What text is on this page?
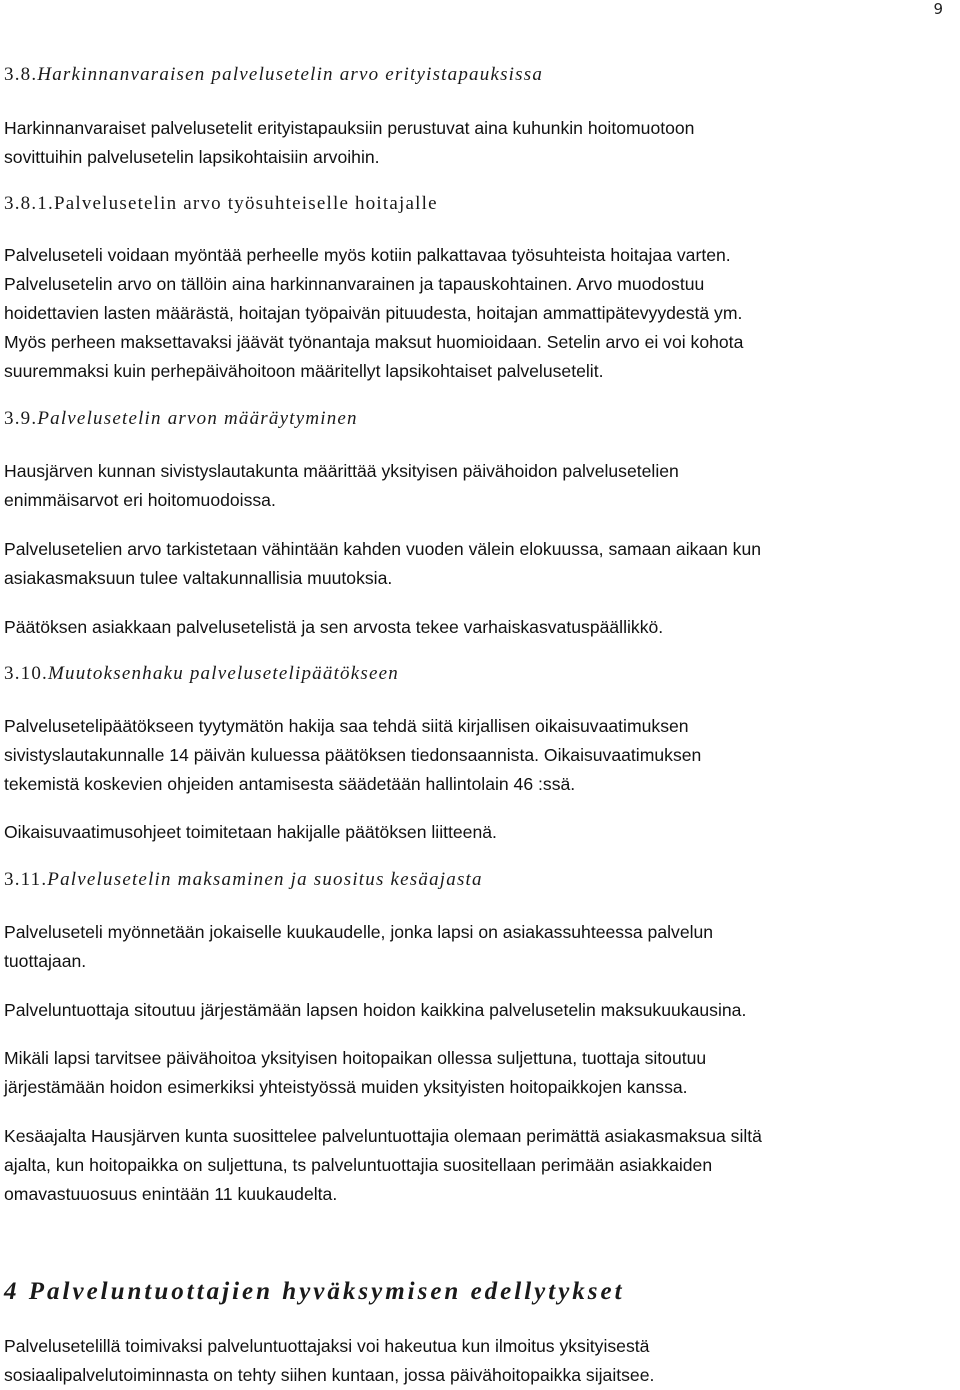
9
3.8.Harkinnanvaraisen palvelusetelin arvo erityistapauksissa

Harkinnanvaraiset palvelusetelit erityistapauksiin perustuvat aina kuhunkin hoitomuotoon
sovittuihin palvelusetelin lapsikohtaisiin arvoihin.

3.8.1.Palvelusetelin arvo työsuhteiselle hoitajalle

Palveluseteli voidaan myöntää perheelle myös kotiin palkattavaa työsuhteista hoitajaa varten.
Palvelusetelin arvo on tällöin aina harkinnanvarainen ja tapauskohtainen. Arvo muodostuu
hoidettavien lasten määrästä, hoitajan työpaivän pituudesta, hoitajan ammattipätevyydestä ym.
Myös perheen maksettavaksi jäävät työnantaja maksut huomioidaan. Setelin arvo ei voi kohota
suuremmaksi kuin perhepäivähoitoon määritellyt lapsikohtaiset palvelusetelit.

3.9.Palvelusetelin arvon määräytyminen

Hausjärven kunnan sivistyslautakunta määrittää yksityisen päivähoidon palvelusetelien
enimmäisarvot eri hoitomuodoissa.

Palvelusetelien arvo tarkistetaan vähintään kahden vuoden välein elokuussa, samaan aikaan kun
asiakasmaksuun tulee valtakunnallisia muutoksia.

Päätöksen asiakkaan palvelusetelistä ja sen arvosta tekee varhaiskasvatuspäällikkö.

3.10.Muutoksenhaku palvelusetelipäätökseen

Palvelusetelipäätökseen tyytymätön hakija saa tehdä siitä kirjallisen oikaisuvaatimuksen
sivistyslautakunnalle 14 päivän kuluessa päätöksen tiedonsaannista. Oikaisuvaatimuksen
tekemistä koskevien ohjeiden antamisesta säädetään hallintolain 46 :ssä.

Oikaisuvaatimusohjeet toimitetaan hakijalle päätöksen liitteenä.

3.11.Palvelusetelin maksaminen ja suositus kesäajasta

Palveluseteli myönnetään jokaiselle kuukaudelle, jonka lapsi on asiakassuhteessa palvelun
tuottajaan.

Palveluntuottaja sitoutuu järjestämään lapsen hoidon kaikkina palvelusetelin maksukuukausina.

Mikäli lapsi tarvitsee päivähoitoa yksityisen hoitopaikan ollessa suljettuna, tuottaja sitoutuu
järjestämään hoidon esimerkiksi yhteistyössä muiden yksityisten hoitopaikkojen kanssa.

Kesäajalta Hausjärven kunta suosittelee palveluntuottajia olemaan perimättä asiakasmaksua siltä
ajalta, kun hoitopaikka on suljettuna, ts palveluntuottajia suositellaan perimään asiakkaiden
omavastuuosuus enintään 11 kuukaudelta.

4 Palveluntuottajien hyväksymisen edellytykset

Palvelusetelillä toimivaksi palveluntuottajaksi voi hakeutua kun ilmoitus yksityisestä
sosiaalipalvelutoiminnasta on tehty siihen kuntaan, jossa päivähoitopaikka sijaitsee.
